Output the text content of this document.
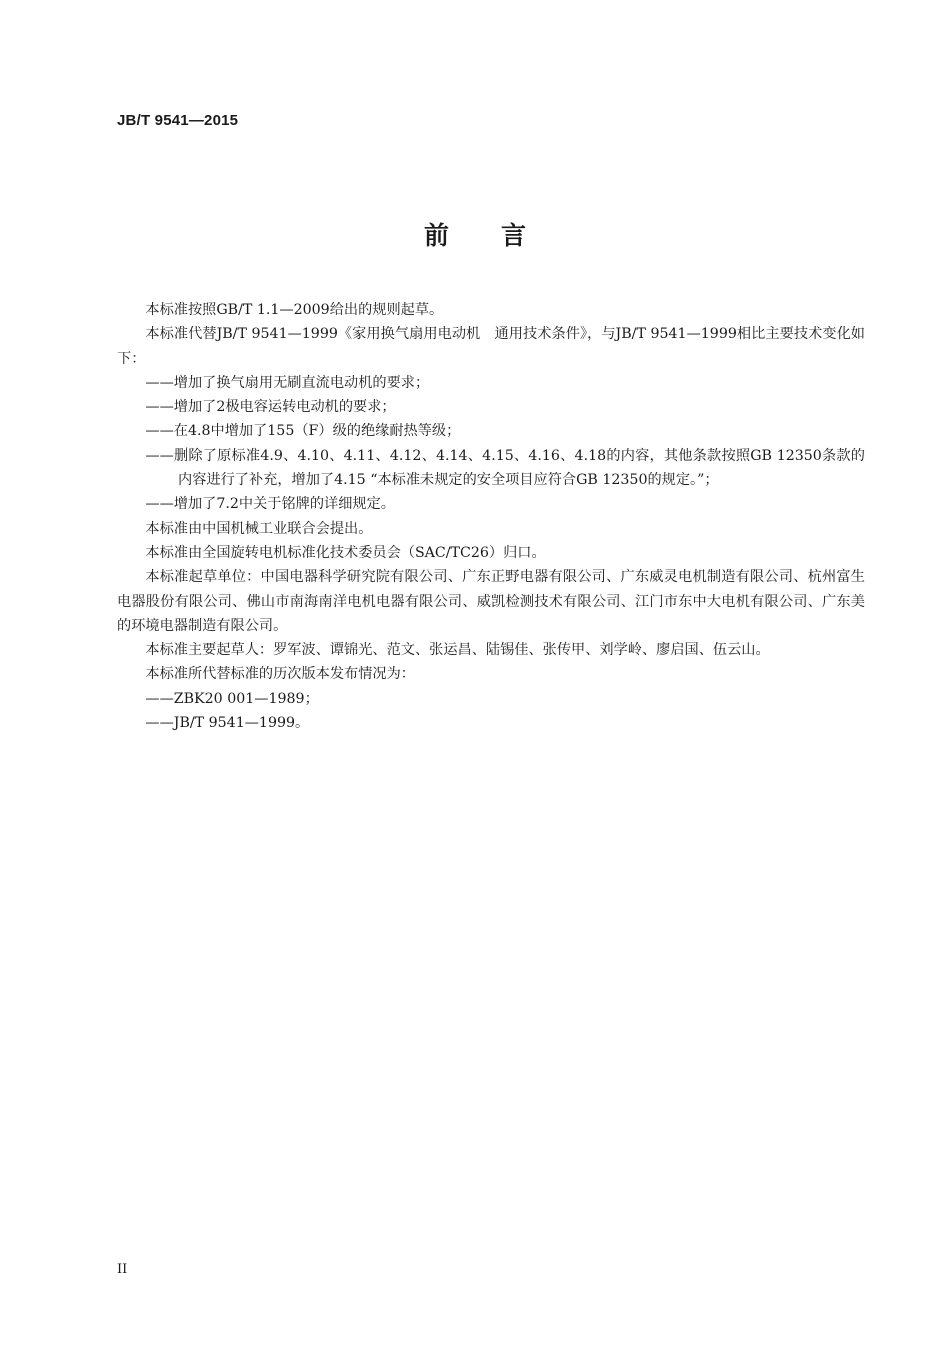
JB/T 9541—2015
前 言

本标准按照GB/T 1.1—2009给出的规则起草。

本标准代替JB/T 9541—1999《家用换气扇用电动机　通用技术条件》，与JB/T 9541—1999相比主要技术变化如下：

——增加了换气扇用无刷直流电动机的要求；

——增加了2极电容运转电动机的要求；

——在4.8中增加了155（F）级的绝缘耐热等级；

——删除了原标准4.9、4.10、4.11、4.12、4.14、4.15、4.16、4.18的内容，其他条款按照GB 12350条款的内容进行了补充，增加了4.15 “本标准未规定的安全项目应符合GB 12350的规定。”；

——增加了7.2中关于铭牌的详细规定。

本标准由中国机械工业联合会提出。

本标准由全国旋转电机标准化技术委员会（SAC/TC26）归口。

本标准起草单位：中国电器科学研究院有限公司、广东正野电器有限公司、广东威灵电机制造有限公司、杭州富生电器股份有限公司、佛山市南海南洋电机电器有限公司、威凯检测技术有限公司、江门市东中大电机有限公司、广东美的环境电器制造有限公司。

本标准主要起草人：罗军波、谭锦光、范文、张运昌、陆锡佳、张传甲、刘学岭、廖启国、伍云山。

本标准所代替标准的历次版本发布情况为：

——ZBK20 001—1989；

——JB/T 9541—1999。

II
